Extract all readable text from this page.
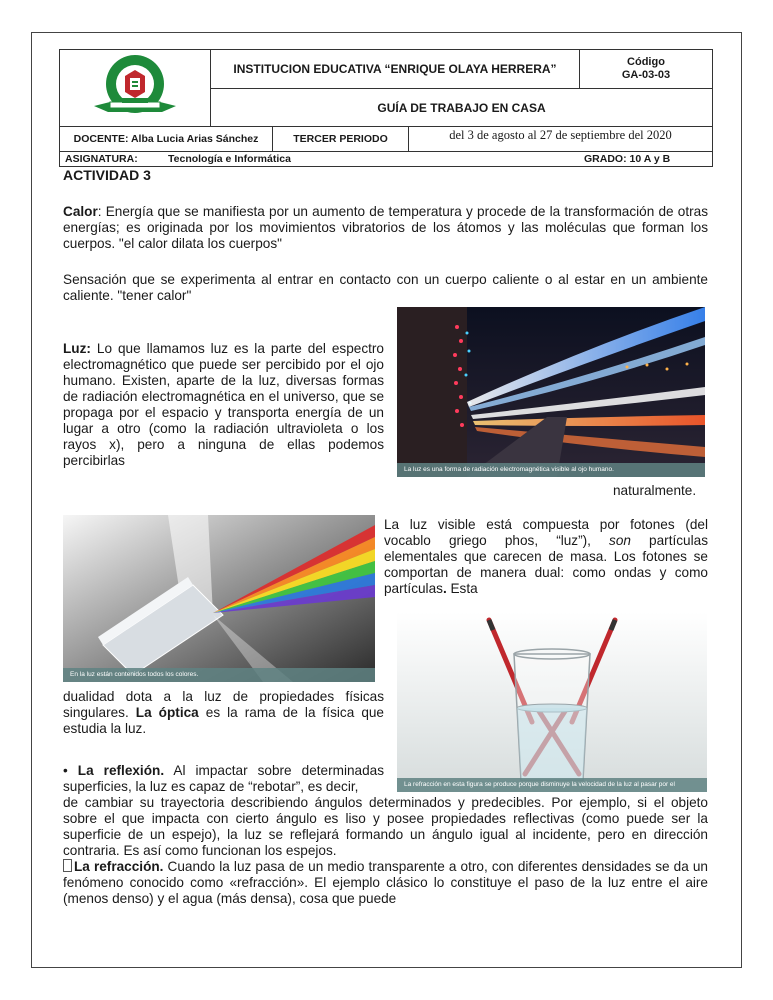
INSTITUCION EDUCATIVA “ENRIQUE OLAYA HERRERA”	Código
GA-03-03
GUÍA DE TRABAJO EN CASA
DOCENTE: Alba Lucia Arias Sánchez	TERCER PERIODO	del 3 de agosto al 27 de septiembre del 2020
ASIGNATURA:	Tecnología e Informática	GRADO: 10 A y B
ACTIVIDAD 3

Calor: Energía que se manifiesta por un aumento de temperatura y procede de la transformación de otras energías; es originada por los movimientos vibratorios de los átomos y las moléculas que forman los cuerpos. "el calor dilata los cuerpos"

Sensación que se experimenta al entrar en contacto con un cuerpo caliente o al estar en un ambiente caliente. "tener calor"

La luz es una forma de radiación electromagnética visible al ojo humano.

Luz: Lo que llamamos luz es la parte del espectro electromagnético que puede ser percibido por el ojo humano. Existen, aparte de la luz, diversas formas de radiación electromagnética en el universo, que se propaga por el espacio y transporta energía de un lugar a otro (como la radiación ultravioleta o los rayos x), pero a ninguna de ellas podemos percibirlas

naturalmente.
En la luz están contenidos todos los colores.

La luz visible está compuesta por fotones (del vocablo griego phos, “luz”), son partículas elementales que carecen de masa. Los fotones se comportan de manera dual: como ondas y como partículas. Esta

La refracción en esta figura se produce porque disminuye la velocidad de la luz al pasar por el

dualidad dota a la luz de propiedades físicas singulares. La óptica es la rama de la física que estudia la luz.

• La reflexión. Al impactar sobre determinadas superficies, la luz es capaz de “rebotar”, es decir,

de cambiar su trayectoria describiendo ángulos determinados y predecibles. Por ejemplo, si el objeto sobre el que impacta con cierto ángulo es liso y posee propiedades reflectivas (como puede ser la superficie de un espejo), la luz se reflejará formando un ángulo igual al incidente, pero en dirección contraria. Es así como funcionan los espejos.

La refracción. Cuando la luz pasa de un medio transparente a otro, con diferentes densidades se da un fenómeno conocido como «refracción». El ejemplo clásico lo constituye el paso de la luz entre el aire (menos denso) y el agua (más densa), cosa que puede
